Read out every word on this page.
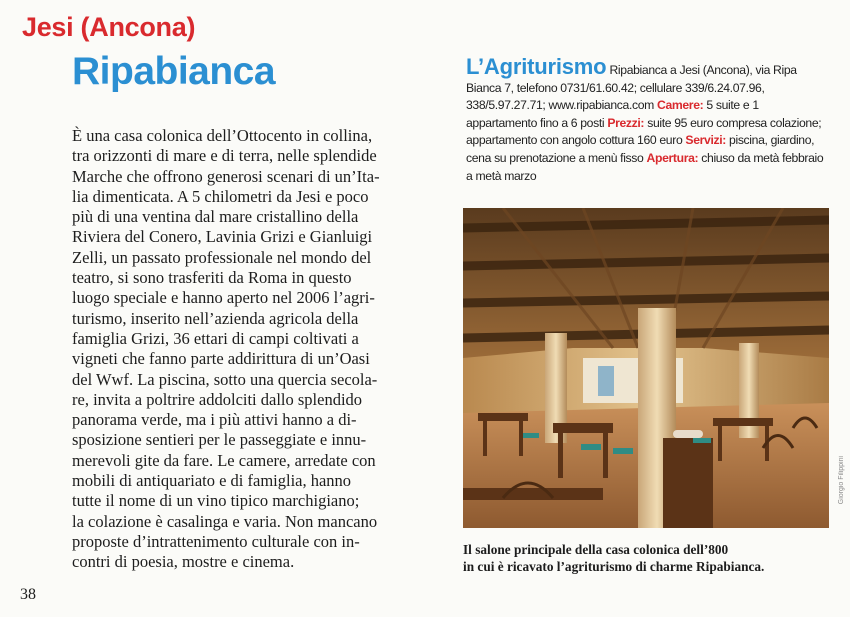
Jesi (Ancona)
Ripabianca

È una casa colonica dell’Ottocento in collina,
tra orizzonti di mare e di terra, nelle splendide
Marche che offrono generosi scenari di un’Ita-
lia dimenticata. A 5 chilometri da Jesi e poco
più di una ventina dal mare cristallino della
Riviera del Conero, Lavinia Grizi e Gianluigi
Zelli, un passato professionale nel mondo del
teatro, si sono trasferiti da Roma in questo
luogo speciale e hanno aperto nel 2006 l’agri-
turismo, inserito nell’azienda agricola della
famiglia Grizi, 36 ettari di campi coltivati a
vigneti che fanno parte addirittura di un’Oasi
del Wwf. La piscina, sotto una quercia secola-
re, invita a poltrire addolciti dallo splendido
panorama verde, ma i più attivi hanno a di-
sposizione sentieri per le passeggiate e innu-
merevoli gite da fare. Le camere, arredate con
mobili di antiquariato e di famiglia, hanno
tutte il nome di un vino tipico marchigiano;
la colazione è casalinga e varia. Non mancano
proposte d’intrattenimento culturale con in-
contri di poesia, mostre e cinema.

38

L’Agriturismo Ripabianca a Jesi (Ancona), via Ripa Bianca 7, telefono 0731/61.60.42; cellulare 339/6.24.07.96, 338/5.97.27.71; www.ripabianca.com Camere: 5 suite e 1 appartamento fino a 6 posti Prezzi: suite 95 euro compresa colazione; appartamento con angolo cottura 160 euro Servizi: piscina, giardino, cena su prenotazione a menù fisso Apertura: chiuso da metà febbraio a metà marzo
Giorgio Filippini

Il salone principale della casa colonica dell’800
in cui è ricavato l’agriturismo di charme Ripabianca.
